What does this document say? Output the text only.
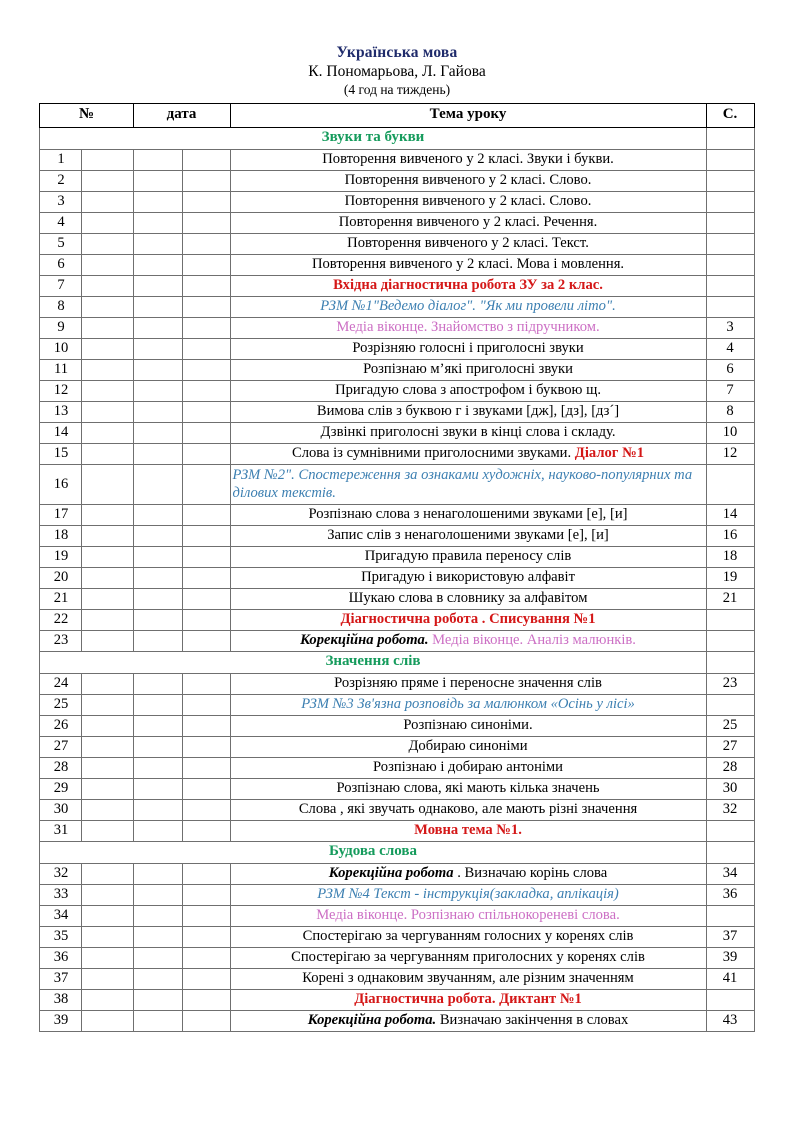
Українська мова
К. Пономарьова, Л. Гайова
(4 год на тиждень)
№		дата		Тема уроку	С.
Звуки та букви					
1				Повторення вивченого у 2 класі. Звуки і букви.	
2				Повторення вивченого у 2 класі. Слово.	
3				Повторення вивченого у 2 класі. Слово.	
4				Повторення вивченого у 2 класі. Речення.	
5				Повторення вивченого у 2 класі. Текст.	
6				Повторення вивченого у 2 класі. Мова і мовлення.	
7				Вхідна діагностична робота ЗУ за 2 клас.	
8				РЗМ №1"Ведемо діалог". "Як ми провели літо".	
9				Медіа віконце. Знайомство з підручником.	3
10				Розрізняю голосні і приголосні звуки	4
11				Розпізнаю м’які приголосні звуки	6
12				Пригадую слова з апострофом і буквою щ.	7
13				Вимова слів з буквою г і звуками [дж], [дз], [дз´]	8
14				Дзвінкі приголосні звуки в кінці слова і складу.	10
15				Слова із сумнівними приголосними звуками. Діалог №1	12
16				РЗМ №2". Спостереження за ознаками художніх, науково-популярних та ділових текстів.	

17				Розпізнаю слова з ненаголошеними звуками [е], [и]	14
18				Запис слів з ненаголошеними звуками [е], [и]	16
19				Пригадую правила переносу слів	18
20				Пригадую і використовую алфавіт	19
21				Шукаю слова в словнику за алфавітом	21
22				Діагностична робота . Списування №1	
23				Корекційна робота. Медіа віконце. Аналіз малюнків.	
Значення слів					
24				Розрізняю пряме і переносне значення слів	23
25				РЗМ №3 Зв'язна розповідь за малюнком «Осінь у лісі»	
26				Розпізнаю синоніми.	25
27				Добираю синоніми	27
28				Розпізнаю і добираю антоніми	28
29				Розпізнаю слова, які мають кілька значень	30
30				Слова , які звучать однаково, але мають різні значення	32
31				Мовна тема №1.	
Будова слова					
32				Корекційна робота . Визначаю корінь слова	34
33				РЗМ №4 Текст - інструкція(закладка, аплікація)	36
34				Медіа віконце. Розпізнаю спільнокореневі слова.	
35				Спостерігаю за чергуванням голосних у коренях слів	37
36				Спостерігаю за чергуванням приголосних у коренях слів	39
37				Корені з однаковим звучанням, але різним значенням	41
38				Діагностична робота. Диктант №1	
39				Корекційна робота. Визначаю закінчення в словах	43
